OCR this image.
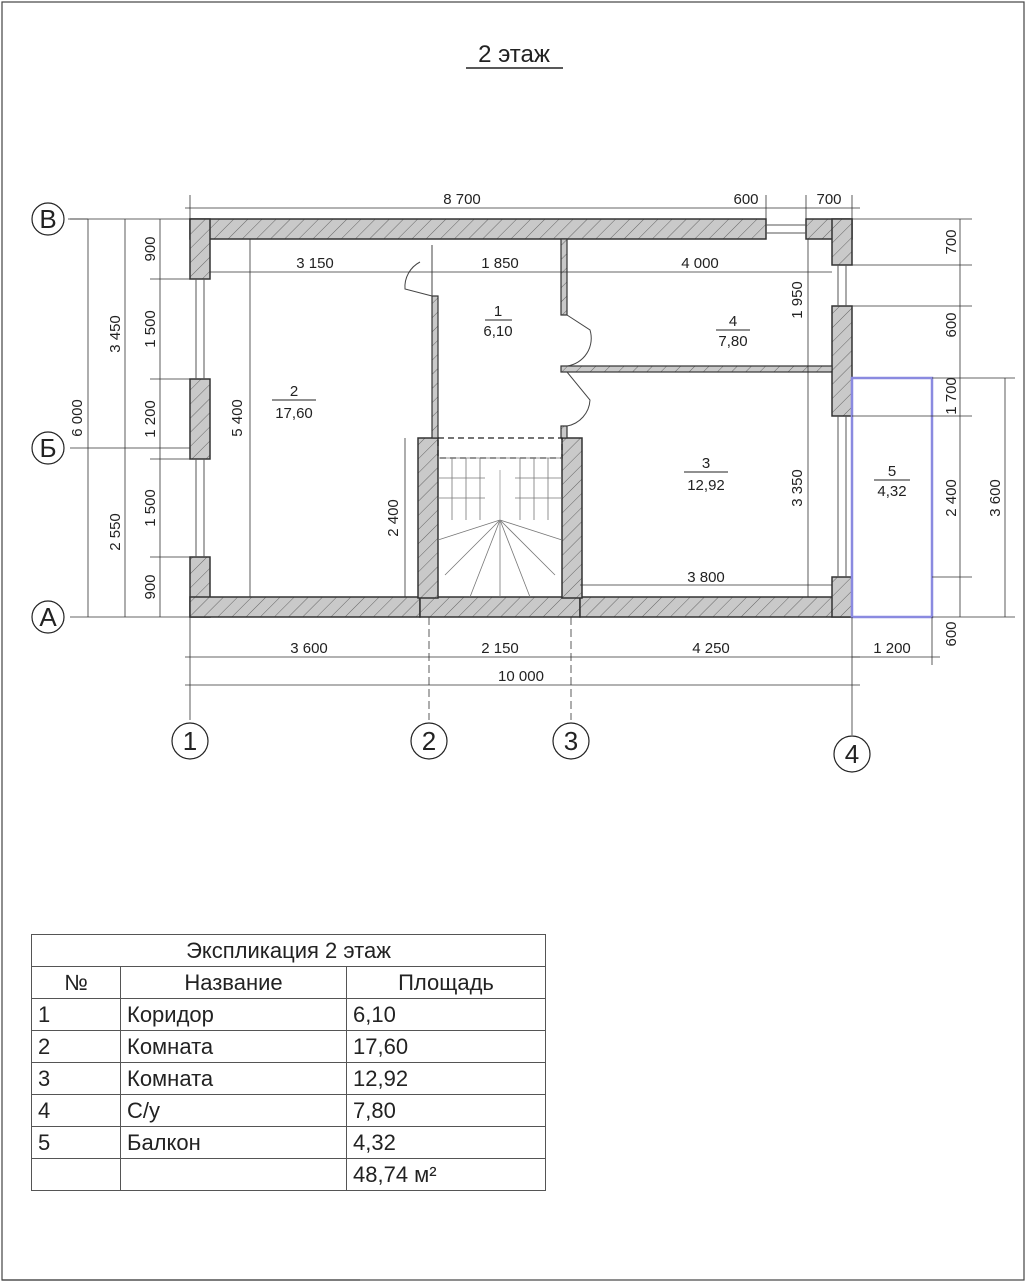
2 этаж
3 150	1 850	4 000
5 400
2 400
1 950
3 350
3 800
1
6,10
2
17,60
3
12,92
4
7,80
5
4,32
8 700	600	700
3 600	2 150	4 250	1 200
10 000
6 000
3 450
2 550
900
1 500
1 200
1 500
900
700
600
1 700
2 400
600
3 600
В
Б
А
1	2	3	4
Экспликация 2 этаж		
№	Название	Площадь
1	Коридор	6,10
2	Комната	17,60
3	Комната	12,92
4	С/у	7,80
5	Балкон	4,32
		48,74 м²
